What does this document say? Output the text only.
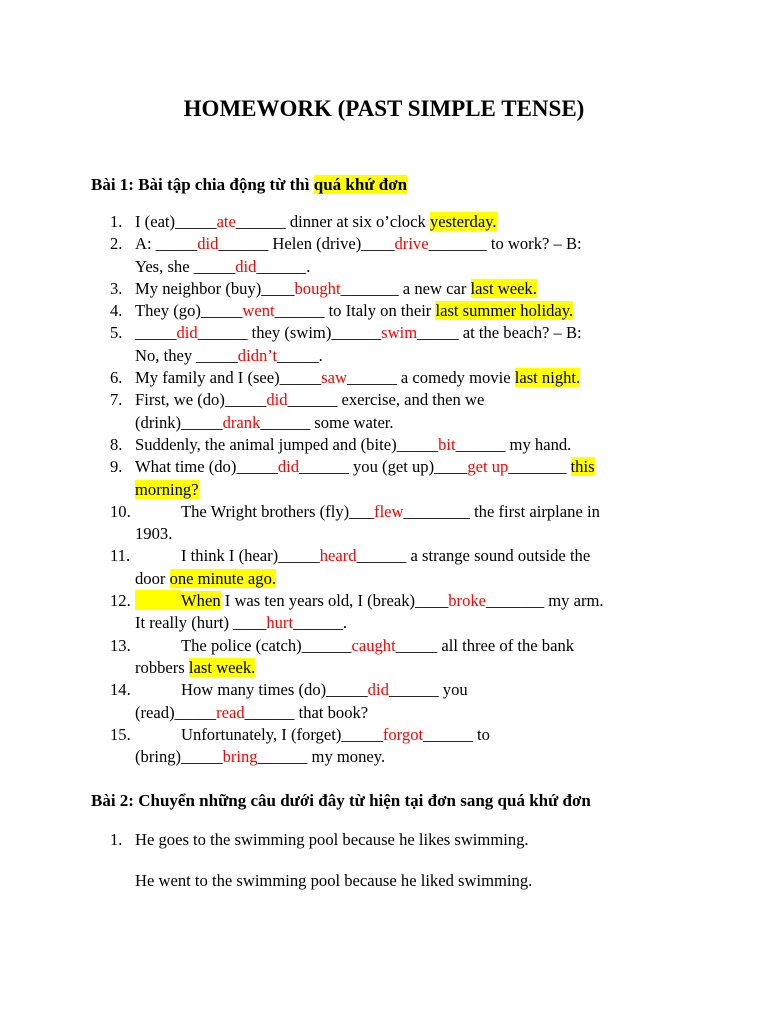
HOMEWORK (PAST SIMPLE TENSE)
Bài 1: Bài tập chia động từ thì quá khứ đơn
1. I (eat)_____ate______ dinner at six o’clock yesterday.
2. A: _____did______ Helen (drive)____drive_______ to work? – B:
Yes, she _____did______.
3. My neighbor (buy)____bought_______ a new car last week.
4. They (go)_____went______ to Italy on their last summer holiday.
5. _____did______ they (swim)______swim_____ at the beach? – B:
No, they _____didn’t_____.
6. My family and I (see)_____saw______ a comedy movie last night.
7. First, we (do)_____did______ exercise, and then we
(drink)_____drank______ some water.
8. Suddenly, the animal jumped and (bite)_____bit______ my hand.
9. What time (do)_____did______ you (get up)____get up_______ this
morning?
10.	The Wright brothers (fly)___flew________ the first airplane in
1903.
11.	I think I (hear)_____heard______ a strange sound outside the
door one minute ago.
12.	When I was ten years old, I (break)____broke_______ my arm.
It really (hurt) ____hurt______.
13.	The police (catch)______caught_____ all three of the bank
robbers last week.
14.	How many times (do)_____did______ you
(read)_____read______ that book?
15.	Unfortunately, I (forget)_____forgot______ to
(bring)_____bring______ my money.
Bài 2: Chuyển những câu dưới đây từ hiện tại đơn sang quá khứ đơn
1. He goes to the swimming pool because he likes swimming.
He went to the swimming pool because he liked swimming.
